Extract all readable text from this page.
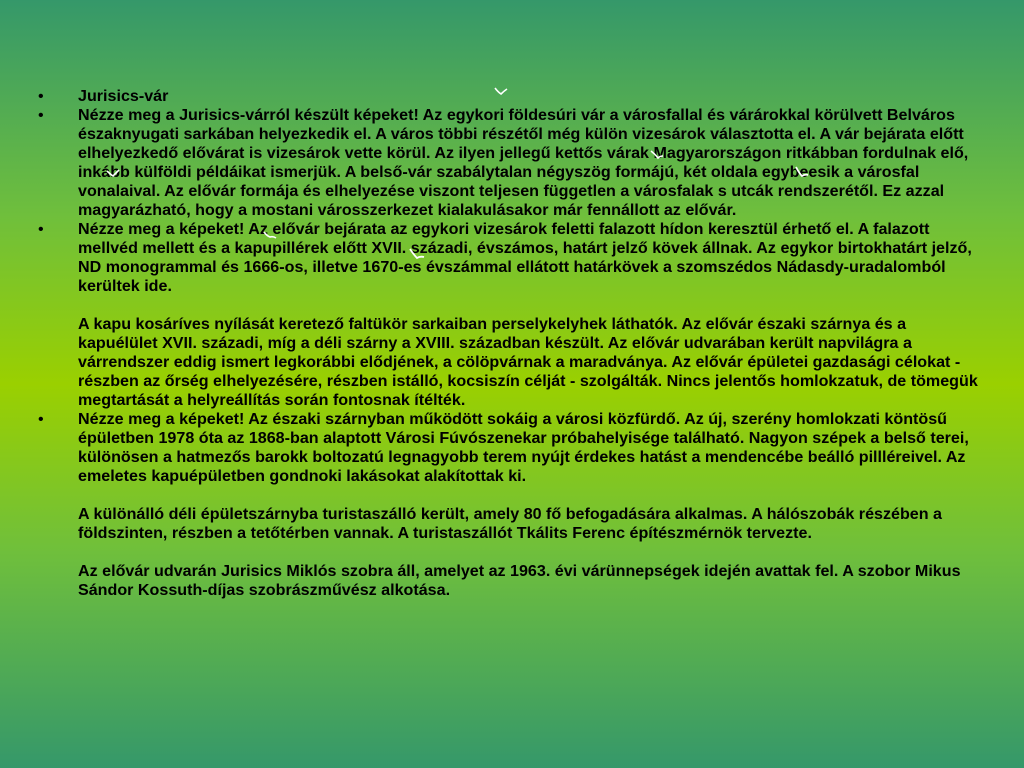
• Jurisics-vár

• Nézze meg a Jurisics-várról készült képeket! Az egykori földesúri vár a városfallal és várárokkal körülvett Belváros északnyugati sarkában helyezkedik el. A város többi részétől még külön vizesárok választotta el. A vár bejárata előtt elhelyezkedő elővárat is vizesárok vette körül. Az ilyen jellegű kettős várak Magyarországon ritkábban fordulnak elő, inkább külföldi példáikat ismerjük. A belső-vár szabálytalan négyszög formájú, két oldala egybeesik a városfal vonalaival. Az elővár formája és elhelyezése viszont teljesen független a városfalak s utcák rendszerétől. Ez azzal magyarázható, hogy a mostani városszerkezet kialakulásakor már fennállott az elővár.

• Nézze meg a képeket! Az elővár bejárata az egykori vizesárok feletti falazott hídon keresztül érhető el. A falazott mellvéd mellett és a kapupillérek előtt XVII. századi, évszámos, határt jelző kövek állnak. Az egykor birtokhatárt jelző, ND monogrammal és 1666-os, illetve 1670-es évszámmal ellátott határkövek a szomszédos Nádasdy-uradalomból kerültek ide.

A kapu kosáríves nyílását keretező faltükör sarkaiban perselykelyhek láthatók. Az elővár északi szárnya és a kapuélület XVII. századi, míg a déli szárny a XVIII. században készült. Az elővár udvarában került napvilágra a várrendszer eddig ismert legkorábbi elődjének, a cölöpvárnak a maradványa. Az elővár épületei gazdasági célokat - részben az őrség elhelyezésére, részben istálló, kocsiszín célját - szolgálták. Nincs jelentős homlokzatuk, de tömegük megtartását a helyreállítás során fontosnak ítélték.

• Nézze meg a képeket! Az északi szárnyban működött sokáig a városi közfürdő. Az új, szerény homlokzati köntösű épületben 1978 óta az 1868-ban alaptott Városi Fúvószenekar próbahelyisége található. Nagyon szépek a belső terei, különösen a hatmezős barokk boltozatú legnagyobb terem nyújt érdekes hatást a mendencébe beálló pillléreivel. Az emeletes kapuépületben gondnoki lakásokat alakítottak ki.

A különálló déli épületszárnyba turistaszálló került, amely 80 fő befogadására alkalmas. A hálószobák részében a földszinten, részben a tetőtérben vannak. A turistaszállót Tkálits Ferenc építészmérnök tervezte.

Az elővár udvarán Jurisics Miklós szobra áll, amelyet az 1963. évi várünnepségek idején avattak fel. A szobor Mikus Sándor Kossuth-díjas szobrászművész alkotása.
